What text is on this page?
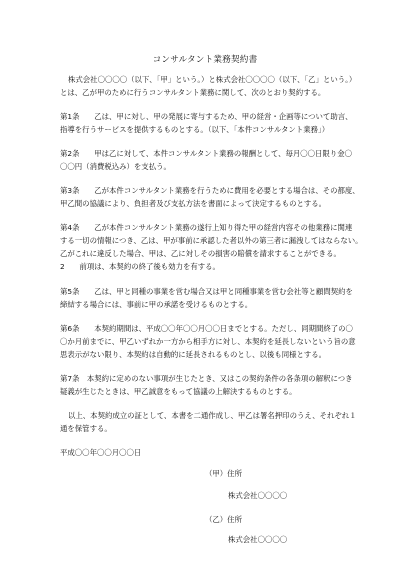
コンサルタント業務契約書
株式会社〇〇〇〇（以下、「甲」という。）と株式会社〇〇〇〇（以下、「乙」という。）
とは、乙が甲のために行うコンサルタント業務に関して、次のとおり契約する。
第1条　　乙は、甲に対し、甲の発展に寄与するため、甲の経営・企画等について助言、
指導を行うサービスを提供するものとする。（以下、「本件コンサルタント業務」）
第2条　　甲は乙に対して、本件コンサルタント業務の報酬として、毎月〇〇日限り金〇
〇〇円（消費税込み）を支払う。
第3条　　乙が本件コンサルタント業務を行うために費用を必要とする場合は、その都度、
甲乙間の協議により、負担者及び支払方法を書面によって決定するものとする。
第4条　　乙が本件コンサルタント業務の遂行上知り得た甲の経営内容その他業務に関連
する一切の情報につき、乙は、甲が事前に承認した者以外の第三者に漏洩してはならない。
乙がこれに違反した場合、甲は、乙に対しその損害の賠償を請求することができる。
2　　前項は、本契約の終了後も効力を有する。
第5条　　乙は、甲と同種の事業を営む場合又は甲と同種事業を営む会社等と顧問契約を
締結する場合には、事前に甲の承諾を受けるものとする。
第6条　　本契約期間は、平成〇〇年〇〇月〇〇日までとする。ただし、同期間終了の〇
〇か月前までに、甲乙いずれか一方から相手方に対し、本契約を延長しないという旨の意
思表示がない限り、本契約は自動的に延長されるものとし、以後も同様とする。
第7条　本契約に定めのない事項が生じたとき、又はこの契約条件の各条項の解釈につき
疑義が生じたときは、甲乙誠意をもって協議の上解決するものとする。
以上、本契約成立の証として、本書を二通作成し、甲乙は署名押印のうえ、それぞれ１
通を保管する。
平成〇〇年〇〇月〇〇日
（甲）住所
株式会社〇〇〇〇
（乙）住所
株式会社〇〇〇〇
